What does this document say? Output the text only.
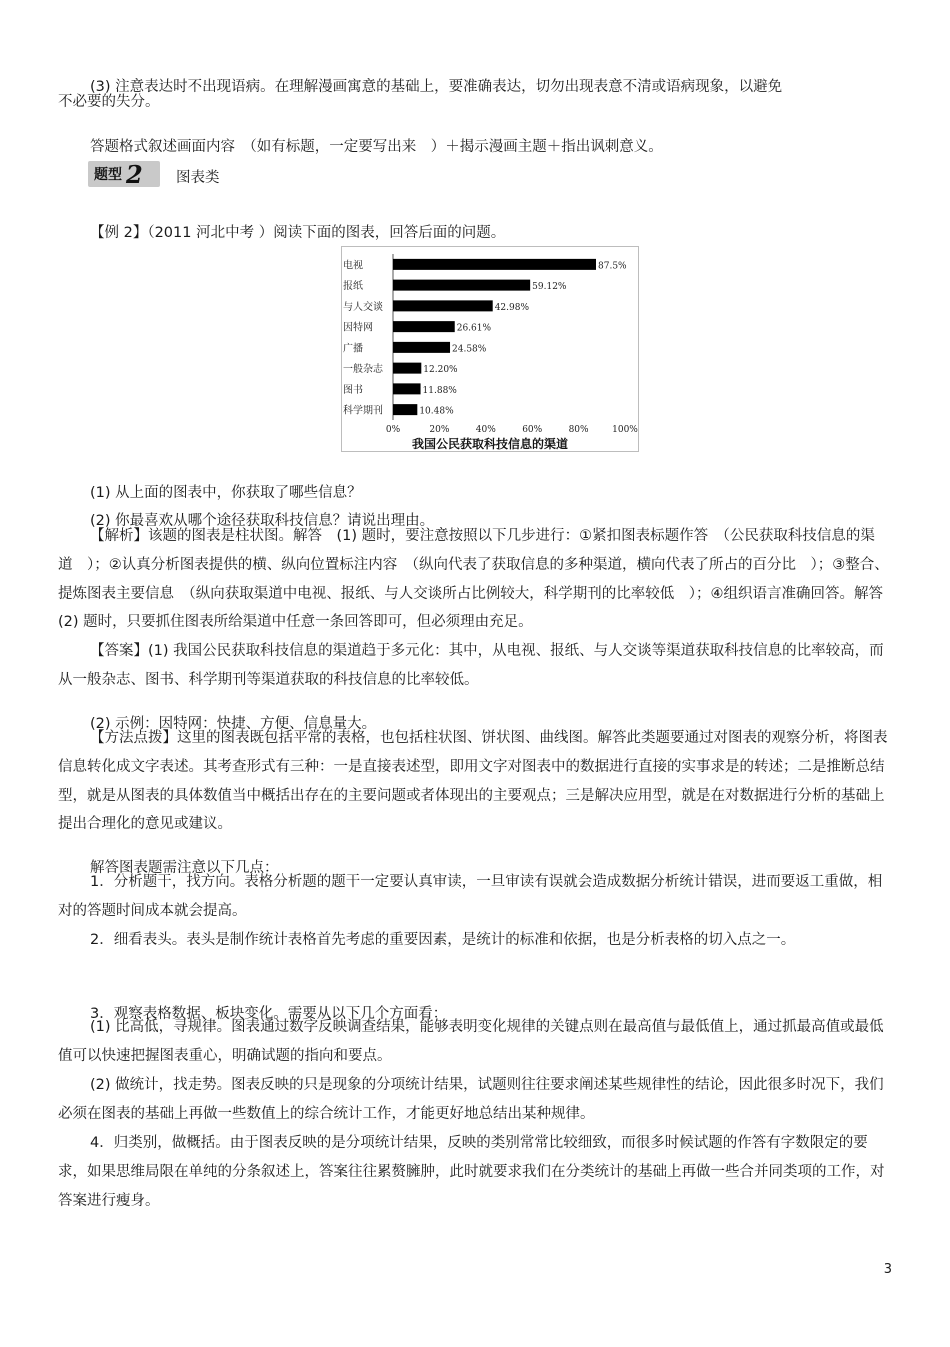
(3) 注意表达时不出现语病。在理解漫画寓意的基础上，要准确表达，切勿出现表意不清或语病现象，以避免

不必要的失分。

答题格式叙述画面内容　（如有标题，一定要写出来　）＋揭示漫画主题＋指出讽刺意义。

题型 2 图表类

【例 2】（2011 河北中考 ）阅读下面的图表，回答后面的问题。

电视	87.5%
报纸	59.12%
与人交谈	42.98%
因特网	26.61%
广播	24.58%
一般杂志	12.20%
图书	11.88%
科学期刊	10.48%
0%	20%	40%	60%	80%	100%
我国公民获取科技信息的渠道

(1) 从上面的图表中，你获取了哪些信息？

(2) 你最喜欢从哪个途径获取科技信息？请说出理由。

【解析】该题的图表是柱状图。解答　(1) 题时，要注意按照以下几步进行：①紧扣图表标题作答　（公民获取科技信息的渠道　）；②认真分析图表提供的横、纵向位置标注内容　（纵向代表了获取信息的多种渠道，横向代表了所占的百分比　）；③整合、提炼图表主要信息　（纵向获取渠道中电视、报纸、与人交谈所占比例较大，科学期刊的比率较低　）；④组织语言准确回答。解答　(2) 题时，只要抓住图表所给渠道中任意一条回答即可，但必须理由充足。

【答案】(1) 我国公民获取科技信息的渠道趋于多元化：其中，从电视、报纸、与人交谈等渠道获取科技信息的比率较高，而从一般杂志、图书、科学期刊等渠道获取的科技信息的比率较低。

(2) 示例：因特网：快捷、方便、信息量大。

【方法点拨】这里的图表既包括平常的表格，也包括柱状图、饼状图、曲线图。解答此类题要通过对图表的观察分析，将图表信息转化成文字表述。其考查形式有三种：一是直接表述型，即用文字对图表中的数据进行直接的实事求是的转述；二是推断总结型，就是从图表的具体数值当中概括出存在的主要问题或者体现出的主要观点；三是解决应用型，就是在对数据进行分析的基础上提出合理化的意见或建议。

解答图表题需注意以下几点：

1．分析题干，找方向。表格分析题的题干一定要认真审读，一旦审读有误就会造成数据分析统计错误，进而要返工重做，相对的答题时间成本就会提高。

2．细看表头。表头是制作统计表格首先考虑的重要因素，是统计的标准和依据，也是分析表格的切入点之一。

3．观察表格数据、板块变化。需要从以下几个方面看：

(1) 比高低，寻规律。图表通过数字反映调查结果，能够表明变化规律的关键点则在最高值与最低值上，通过抓最高值或最低值可以快速把握图表重心，明确试题的指向和要点。

(2) 做统计，找走势。图表反映的只是现象的分项统计结果，试题则往往要求阐述某些规律性的结论，因此很多时况下，我们必须在图表的基础上再做一些数值上的综合统计工作，才能更好地总结出某种规律。

4．归类别，做概括。由于图表反映的是分项统计结果，反映的类别常常比较细致，而很多时候试题的作答有字数限定的要求，如果思维局限在单纯的分条叙述上，答案往往累赘臃肿，此时就要求我们在分类统计的基础上再做一些合并同类项的工作，对答案进行瘦身。

3
